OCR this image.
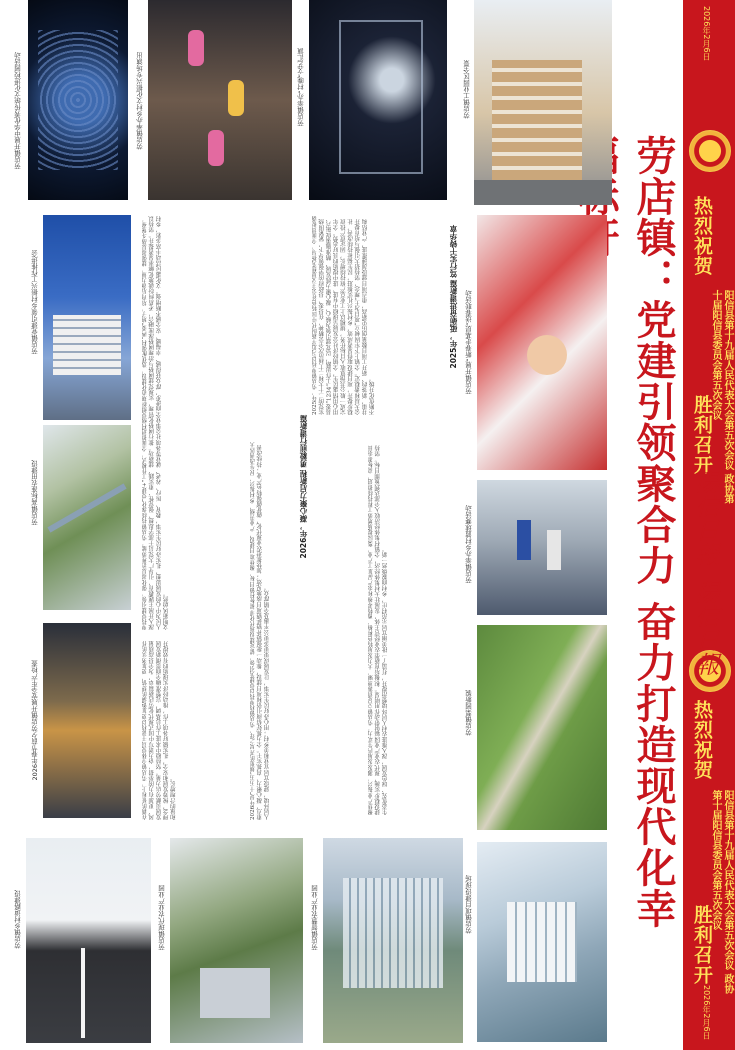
2026年2月6日
热烈祝贺
阳信县第十九届人民代表大会第五次会议 政协第十届阳信县委员会第五次会议
胜利召开
热烈祝贺
阳信县第十九届人民代表大会第五次会议 政协第十届阳信县委员会第五次会议
胜利召开
2026年2月6日
劳店镇：党建引领聚合力 奋力打造现代化幸
陽信日報
陽信日報
劳店镇工业园区全景
劳店镇举办“村晚”文艺汇演
劳店镇举办乡村文化振兴专场演出
劳店镇开展中华优秀传统文化进校园活动
劳店镇开展“新春走基层”送春联活动
劳店镇举办乡村篮球赛活动
劳店镇梨园新貌
劳店镇项目建设现场
劳店镇党建引领乡村振兴工作推进会
劳店镇高标准农田建设
2026年春节前夕劳店镇开展安全生产检查
劳店镇智慧农业产业园
劳店镇现代农业产业园
劳店镇乡村道路建设
2025年，砥砺奋进谱新篇 笃行实干铸华章
2026年，凝心聚力启新程 勇毅前行谱新篇
2025年，劳店镇坚持以习近平新时代中国特色社会主义思想为指导，全面贯彻落实党的二十大和二十届历次全会精神，在县委、县政府的坚强领导下，紧紧围绕县委“1234”工作思路，以党建引领为核心，凝心聚力抓发展、精准施策促振兴、用心用情惠民生，全镇经济社会发展呈现稳中有进、进中提质的良好态势。全年完成一般公共预算收入目标任务，规模以上工业总产值持续增长，固定资产投资稳步提升，项目建设取得显著成效，乡村振兴扎实推进，民生福祉持续改善，社会大局和谐稳定。全镇上下牢固树立“项目为王”理念，坚持招大引强与培育提升并重，新签约、新开工项目数量创历史新高，重点项目建设加速推进，产业结构不断优化升级。
坚持党建引领，强化基层治理效能。劳店镇持续深化“党建+”工作模式，全面推进村级党组织规范化建设，选优配强村“两委”班子，培育后备力量，建强基层战斗堡垒。深入开展主题教育，引导广大党员干部学思想、强党性、重实践、建新功。推行网格化管理，实现党建网格与治理网格深度融合，矛盾纠纷就地化解率显著提升。坚持以人民为中心的发展思想，扎实办好民生实事，教育、医疗、养老、就业等各项社会事业全面进步，群众获得感、幸福感、安全感不断增强。文化惠民活动丰富多彩，乡村文明新风蔚然。	聚焦产业振兴，激发发展内生动力。劳店镇立足资源禀赋，大力发展特色种植、畜牧养殖和农产品加工产业，梨园提质增效工程持续推进，高标准农田建设稳步实施，现代农业产业园辐射带动作用明显。积极培育新型农业经营主体，发展壮大村集体经济，全镇村集体经济收入全部达到预期目标。坚持生态优先、绿色发展，深入推进农村人居环境整治提升，打造了一批美丽宜居示范村庄，乡村面貌焕然一新。
2026年是“十五五”规划的开局之年，劳店镇将坚持以党建为引领，锚定建设现代化幸福标杆镇目标，聚焦项目建设、产业升级、乡村振兴、民生改善四大重点，凝心聚力、真抓实干。全力抓好招商引资和项目建设，推动一批强链补链延链项目落地见效；加快推进农业现代化，做优做强特色产业；持续改善人居环境，建设宜居宜业和美乡村；用心办好民生实事，让发展成果更多更公平惠及全镇群众。
在新的征程上，劳店镇全体党员干部将以更加饱满的热情、更加务实的作风、更加有力的举措，奋力谱写中国式现代化劳店新篇章，为全县高质量发展贡献劳店力量。坚持稳中求进工作总基调，完整准确全面贯彻新发展理念，统筹发展和安全，扎实做好各项工作，推动经济实现质的有效提升和量的合理增长。
